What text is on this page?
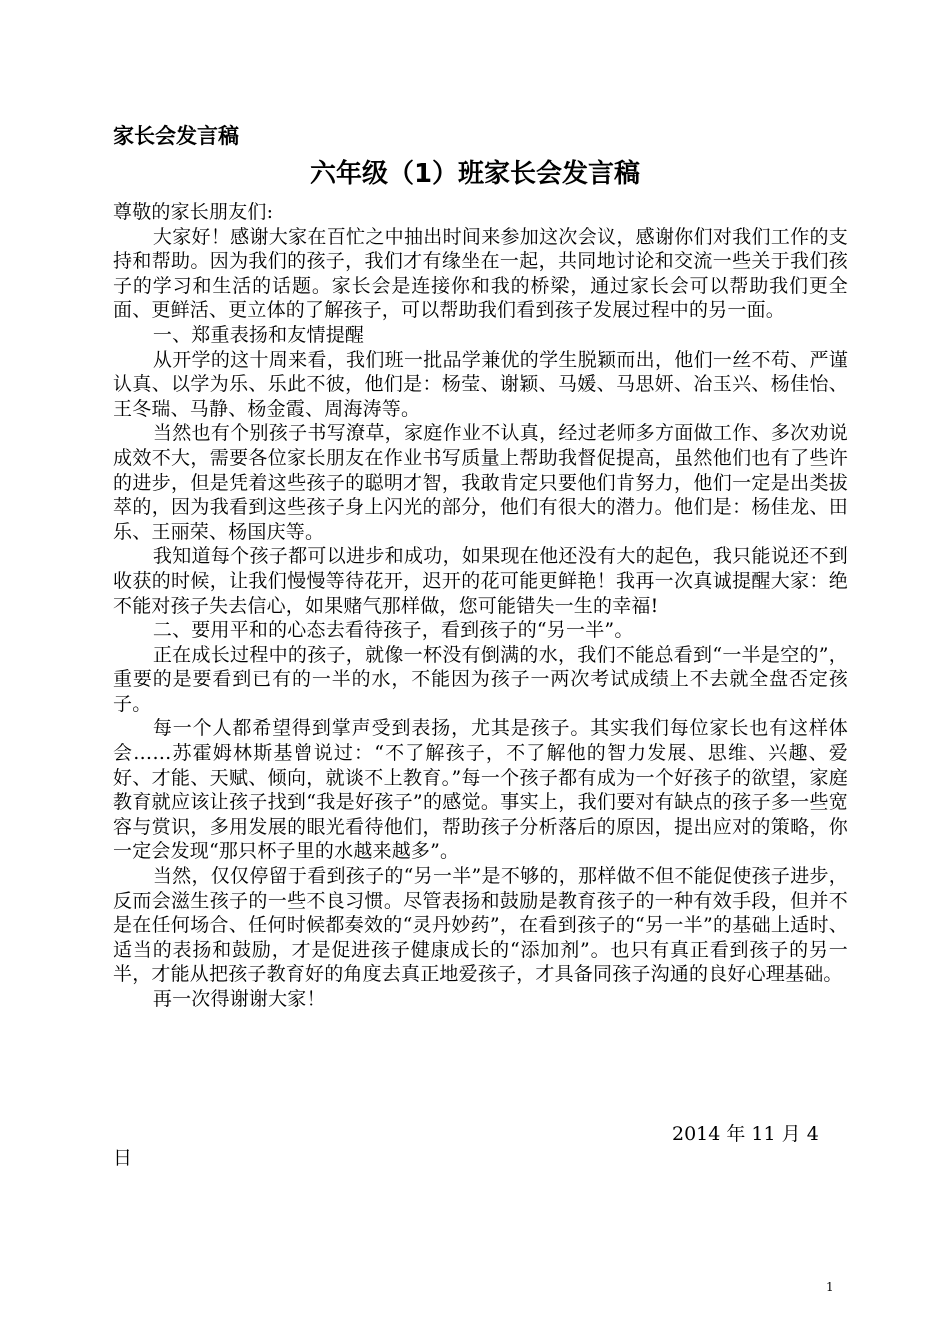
家长会发言稿
六年级（1）班家长会发言稿

尊敬的家长朋友们:

大家好！感谢大家在百忙之中抽出时间来参加这次会议，感谢你们对我们工作的支持和帮助。因为我们的孩子，我们才有缘坐在一起，共同地讨论和交流一些关于我们孩子的学习和生活的话题。家长会是连接你和我的桥梁，通过家长会可以帮助我们更全面、更鲜活、更立体的了解孩子，可以帮助我们看到孩子发展过程中的另一面。

一、郑重表扬和友情提醒

从开学的这十周来看，我们班一批品学兼优的学生脱颖而出，他们一丝不苟、严谨认真、以学为乐、乐此不彼，他们是：杨莹、谢颖、马媛、马思妍、冶玉兴、杨佳怡、王冬瑞、马静、杨金霞、周海涛等。

当然也有个别孩子书写潦草，家庭作业不认真，经过老师多方面做工作、多次劝说成效不大，需要各位家长朋友在作业书写质量上帮助我督促提高，虽然他们也有了些许的进步，但是凭着这些孩子的聪明才智，我敢肯定只要他们肯努力，他们一定是出类拔萃的，因为我看到这些孩子身上闪光的部分，他们有很大的潜力。他们是：杨佳龙、田乐、王丽荣、杨国庆等。

我知道每个孩子都可以进步和成功，如果现在他还没有大的起色，我只能说还不到收获的时候，让我们慢慢等待花开，迟开的花可能更鲜艳！我再一次真诚提醒大家：绝不能对孩子失去信心，如果赌气那样做，您可能错失一生的幸福!

二、要用平和的心态去看待孩子，看到孩子的“另一半”。

正在成长过程中的孩子，就像一杯没有倒满的水，我们不能总看到“一半是空的”，重要的是要看到已有的一半的水，不能因为孩子一两次考试成绩上不去就全盘否定孩子。

每一个人都希望得到掌声受到表扬，尤其是孩子。其实我们每位家长也有这样体会……苏霍姆林斯基曾说过：“不了解孩子，不了解他的智力发展、思维、兴趣、爱好、才能、天赋、倾向，就谈不上教育。”每一个孩子都有成为一个好孩子的欲望，家庭教育就应该让孩子找到“我是好孩子”的感觉。事实上，我们要对有缺点的孩子多一些宽容与赏识，多用发展的眼光看待他们，帮助孩子分析落后的原因，提出应对的策略，你一定会发现“那只杯子里的水越来越多”。

当然，仅仅停留于看到孩子的“另一半”是不够的，那样做不但不能促使孩子进步，反而会滋生孩子的一些不良习惯。尽管表扬和鼓励是教育孩子的一种有效手段，但并不是在任何场合、任何时候都奏效的“灵丹妙药”，在看到孩子的“另一半”的基础上适时、适当的表扬和鼓励，才是促进孩子健康成长的“添加剂”。也只有真正看到孩子的另一半，才能从把孩子教育好的角度去真正地爱孩子，才具备同孩子沟通的良好心理基础。

再一次得谢谢大家！

2014 年 11 月 4
日
1
